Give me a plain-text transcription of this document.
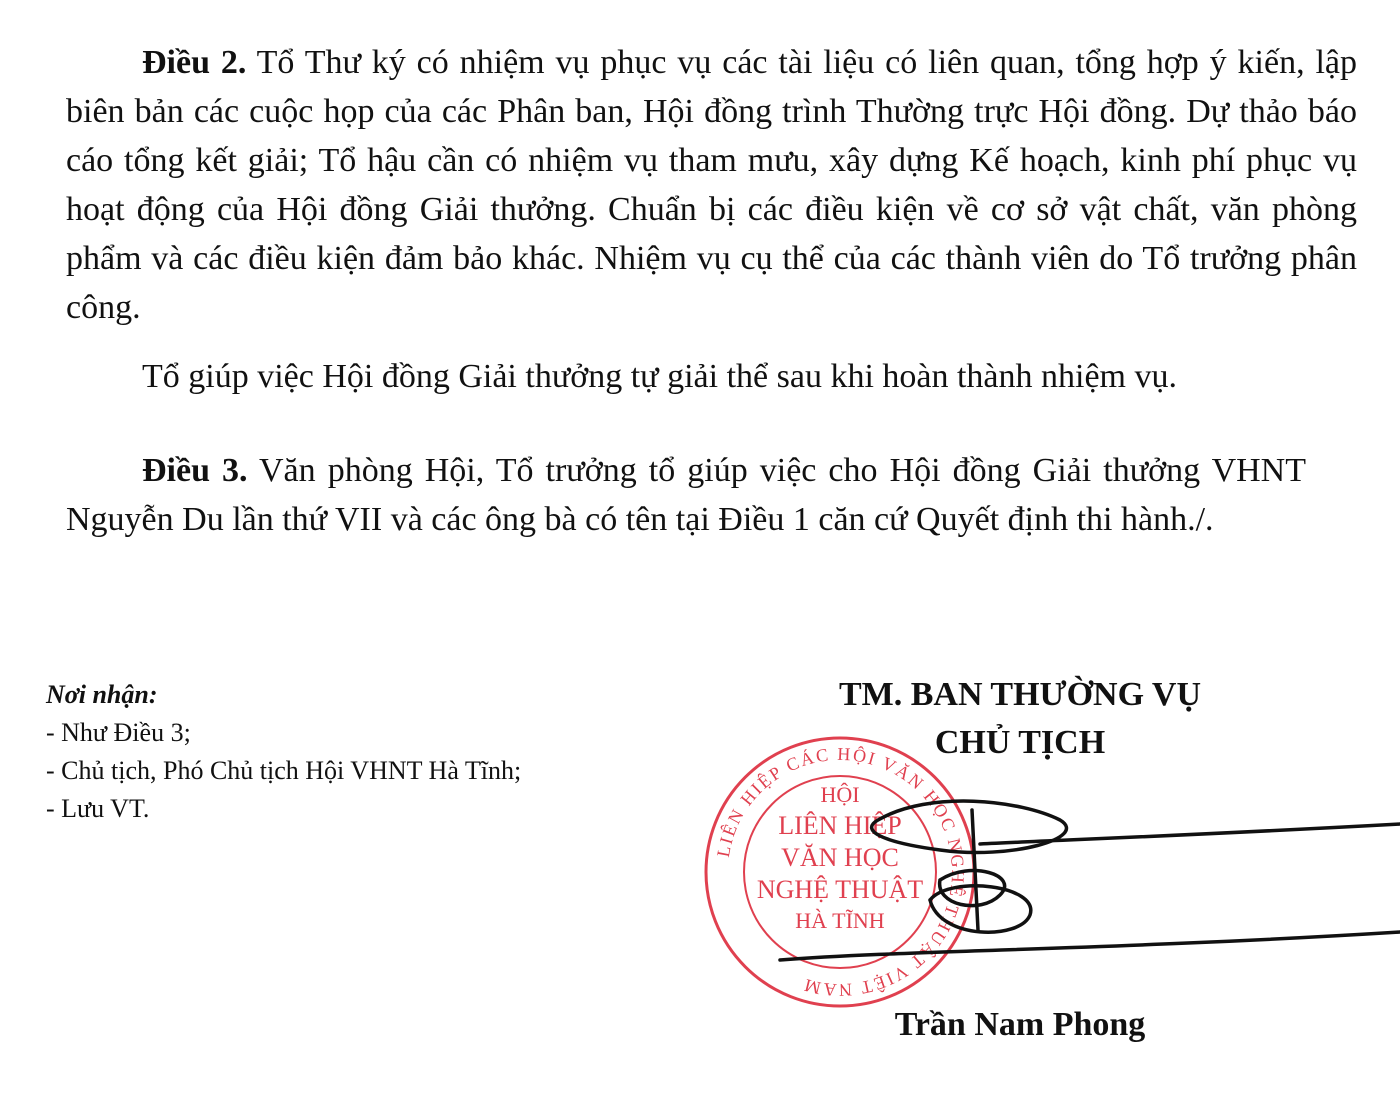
Điều 2. Tổ Thư ký có nhiệm vụ phục vụ các tài liệu có liên quan, tổng hợp ý kiến, lập biên bản các cuộc họp của các Phân ban, Hội đồng trình Thường trực Hội đồng. Dự thảo báo cáo tổng kết giải; Tổ hậu cần có nhiệm vụ tham mưu, xây dựng Kế hoạch, kinh phí phục vụ hoạt động của Hội đồng Giải thưởng. Chuẩn bị các điều kiện về cơ sở vật chất, văn phòng phẩm và các điều kiện đảm bảo khác. Nhiệm vụ cụ thể của các thành viên do Tổ trưởng phân công.

Tổ giúp việc Hội đồng Giải thưởng tự giải thể sau khi hoàn thành nhiệm vụ.

Điều 3. Văn phòng Hội, Tổ trưởng tổ giúp việc cho Hội đồng Giải thưởng VHNT Nguyễn Du lần thứ VII và các ông bà có tên tại Điều 1 căn cứ Quyết định thi hành./.

Nơi nhận:
- Như Điều 3;
- Chủ tịch, Phó Chủ tịch Hội VHNT Hà Tĩnh;
- Lưu VT.
TM. BAN THƯỜNG VỤ
CHỦ TỊCH
LIÊN HIỆP CÁC HỘI VĂN HỌC NGHỆ THUẬT VIỆT NAM
HỘI
LIÊN HIỆP
VĂN HỌC
NGHỆ THUẬT
HÀ TĨNH
Trần Nam Phong
